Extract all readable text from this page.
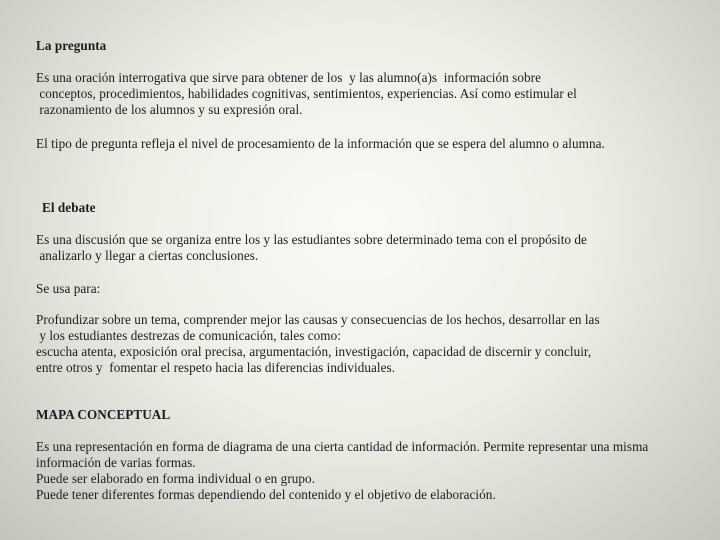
La pregunta
Es una oración interrogativa que sirve para obtener de los  y las alumno(a)s  información sobre
conceptos, procedimientos, habilidades cognitivas, sentimientos, experiencias. Así como estimular el
razonamiento de los alumnos y su expresión oral.
El tipo de pregunta refleja el nivel de procesamiento de la información que se espera del alumno o alumna.
El debate
Es una discusión que se organiza entre los y las estudiantes sobre determinado tema con el propósito de
analizarlo y llegar a ciertas conclusiones.
Se usa para:
Profundizar sobre un tema, comprender mejor las causas y consecuencias de los hechos, desarrollar en las
y los estudiantes destrezas de comunicación, tales como:
escucha atenta, exposición oral precisa, argumentación, investigación, capacidad de discernir y concluir,
entre otros y  fomentar el respeto hacia las diferencias individuales.
MAPA CONCEPTUAL
Es una representación en forma de diagrama de una cierta cantidad de información. Permite representar una misma
información de varias formas.
Puede ser elaborado en forma individual o en grupo.
Puede tener diferentes formas dependiendo del contenido y el objetivo de elaboración.
